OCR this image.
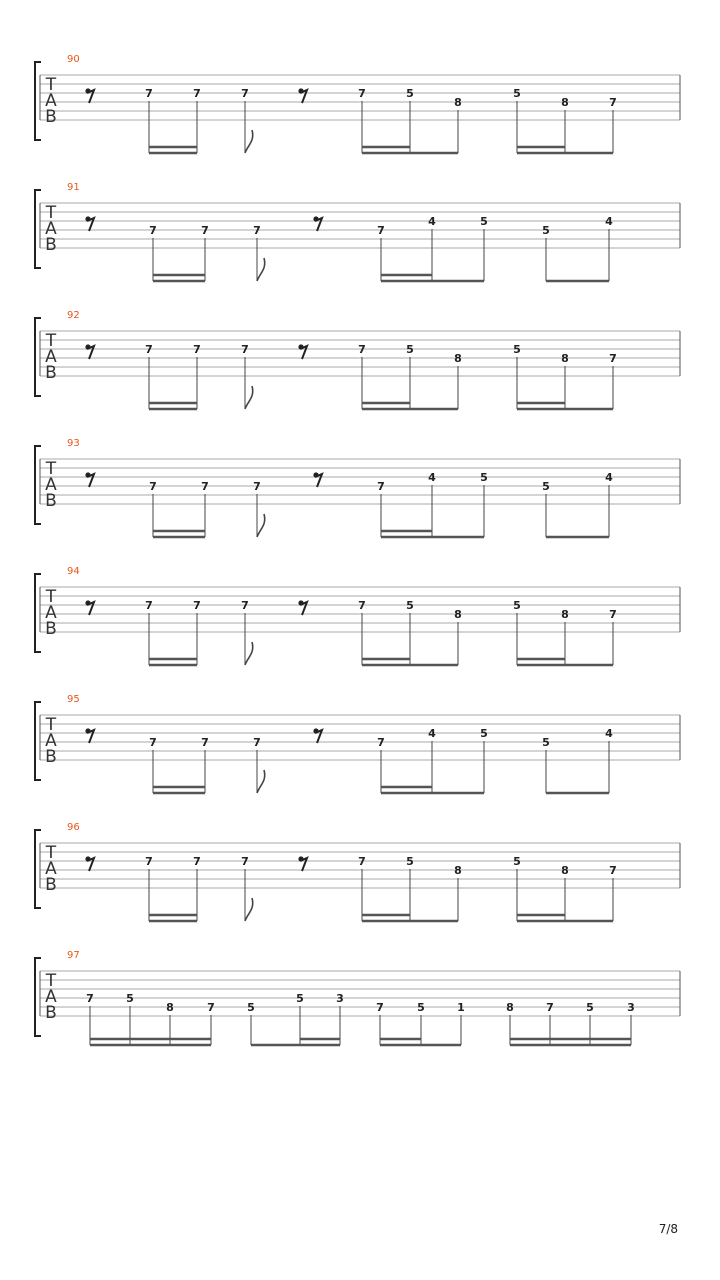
T
A
B
90
7	7	7	7	5
8
5
8	7
T
A
B
91
7	7	7	7
4	5
5
4
T
A
B
92
7	7	7	7	5
8
5
8	7
T
A
B
93
7	7	7	7
4	5
5
4
T
A
B
94
7	7	7	7	5
8
5
8	7
T
A
B
95
7	7	7	7
4	5
5
4
T
A
B
96
7	7	7	7	5
8
5
8	7
T
A
B
97
7	5
8	7	5
5	3
7	5	1	8	7	5	3
7/8
